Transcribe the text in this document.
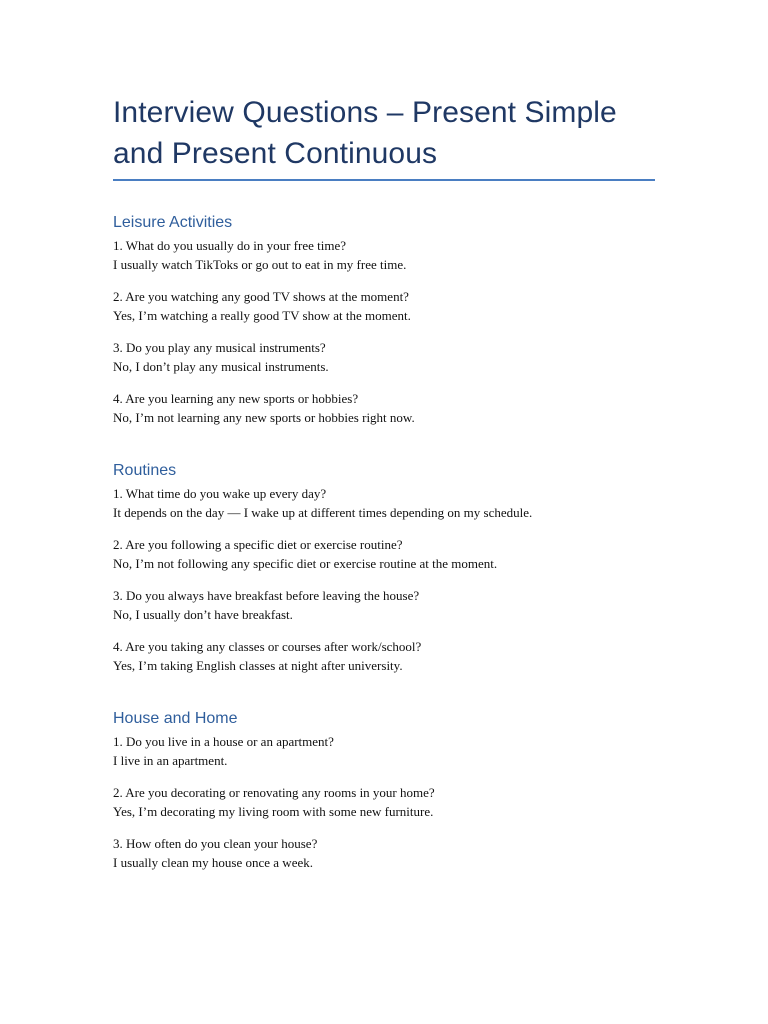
Interview Questions – Present Simple
and Present Continuous
Leisure Activities

1. What do you usually do in your free time?

I usually watch TikToks or go out to eat in my free time.

2. Are you watching any good TV shows at the moment?

Yes, I’m watching a really good TV show at the moment.

3. Do you play any musical instruments?

No, I don’t play any musical instruments.

4. Are you learning any new sports or hobbies?

No, I’m not learning any new sports or hobbies right now.

Routines

1. What time do you wake up every day?

It depends on the day — I wake up at different times depending on my schedule.

2. Are you following a specific diet or exercise routine?

No, I’m not following any specific diet or exercise routine at the moment.

3. Do you always have breakfast before leaving the house?

No, I usually don’t have breakfast.

4. Are you taking any classes or courses after work/school?

Yes, I’m taking English classes at night after university.

House and Home

1. Do you live in a house or an apartment?

I live in an apartment.

2. Are you decorating or renovating any rooms in your home?

Yes, I’m decorating my living room with some new furniture.

3. How often do you clean your house?

I usually clean my house once a week.
